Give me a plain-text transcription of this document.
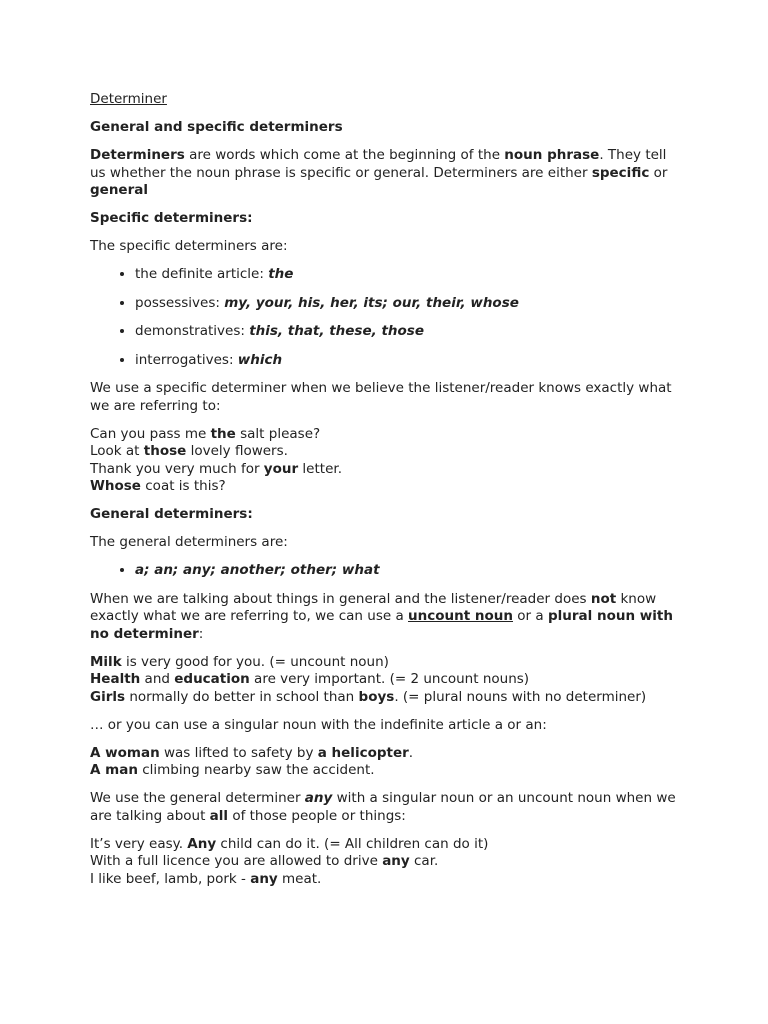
Determiner

General and specific determiners

Determiners are words which come at the beginning of the noun phrase. They tell us whether the noun phrase is specific or general. Determiners are either specific or general

Specific determiners:

The specific determiners are:

• the definite article: the
• possessives: my, your, his, her, its; our, their, whose
• demonstratives: this, that, these, those
• interrogatives: which

We use a specific determiner when we believe the listener/reader knows exactly what we are referring to:

Can you pass me the salt please?
Look at those lovely flowers.
Thank you very much for your letter.
Whose coat is this?

General determiners:

The general determiners are:

• a; an; any; another; other; what

When we are talking about things in general and the listener/reader does not know exactly what we are referring to, we can use a uncount noun or a plural noun with no determiner:

Milk is very good for you. (= uncount noun)
Health and education are very important. (= 2 uncount nouns)
Girls normally do better in school than boys. (= plural nouns with no determiner)

… or you can use a singular noun with the indefinite article a or an:

A woman was lifted to safety by a helicopter.
A man climbing nearby saw the accident.

We use the general determiner any with a singular noun or an uncount noun when we are talking about all of those people or things:

It’s very easy. Any child can do it. (= All children can do it)
With a full licence you are allowed to drive any car.
I like beef, lamb, pork - any meat.
